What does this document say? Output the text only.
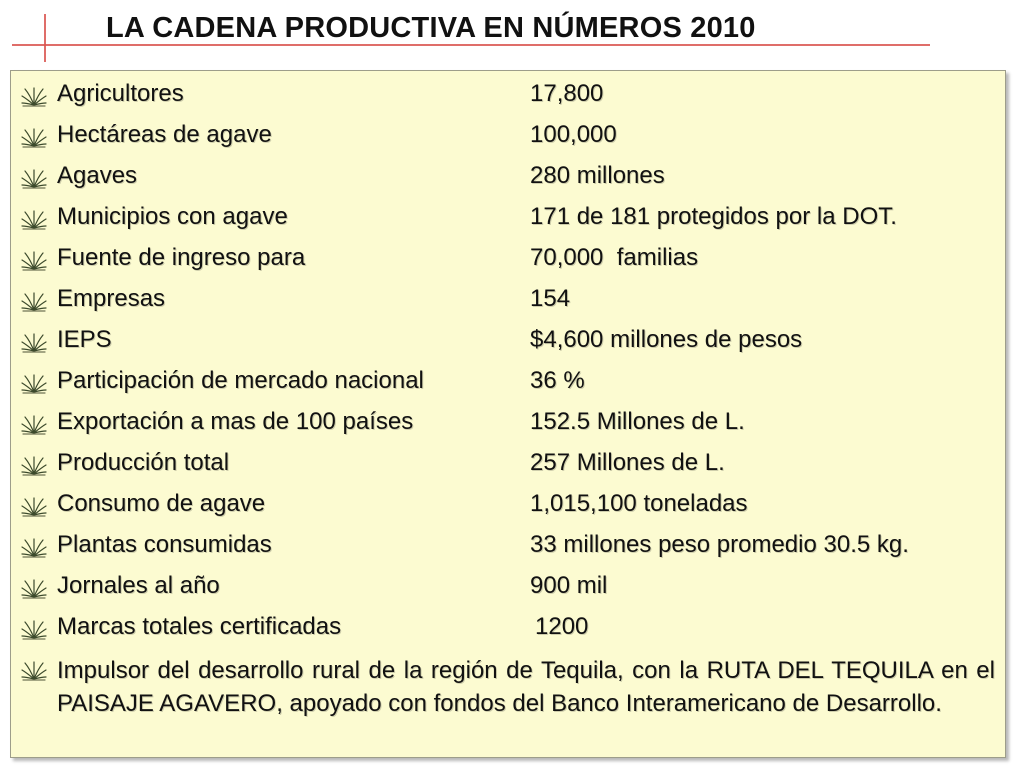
LA CADENA PRODUCTIVA EN NÚMEROS 2010
Agricultores	17,800
Hectáreas de agave	100,000
Agaves	280 millones
Municipios con agave	171 de 181 protegidos por la DOT.
Fuente de ingreso para	70,000  familias
Empresas	154
IEPS	$4,600 millones de pesos
Participación de mercado nacional	36 %
Exportación a mas de 100 países	152.5 Millones de L.
Producción total	257 Millones de L.
Consumo de agave	1,015,100 toneladas
Plantas consumidas	33 millones peso promedio 30.5 kg.
Jornales al año	900 mil
Marcas totales certificadas	1200
Impulsor del desarrollo rural de la región de Tequila, con la RUTA DEL TEQUILA en el PAISAJE AGAVERO, apoyado con fondos del Banco Interamericano de Desarrollo.
